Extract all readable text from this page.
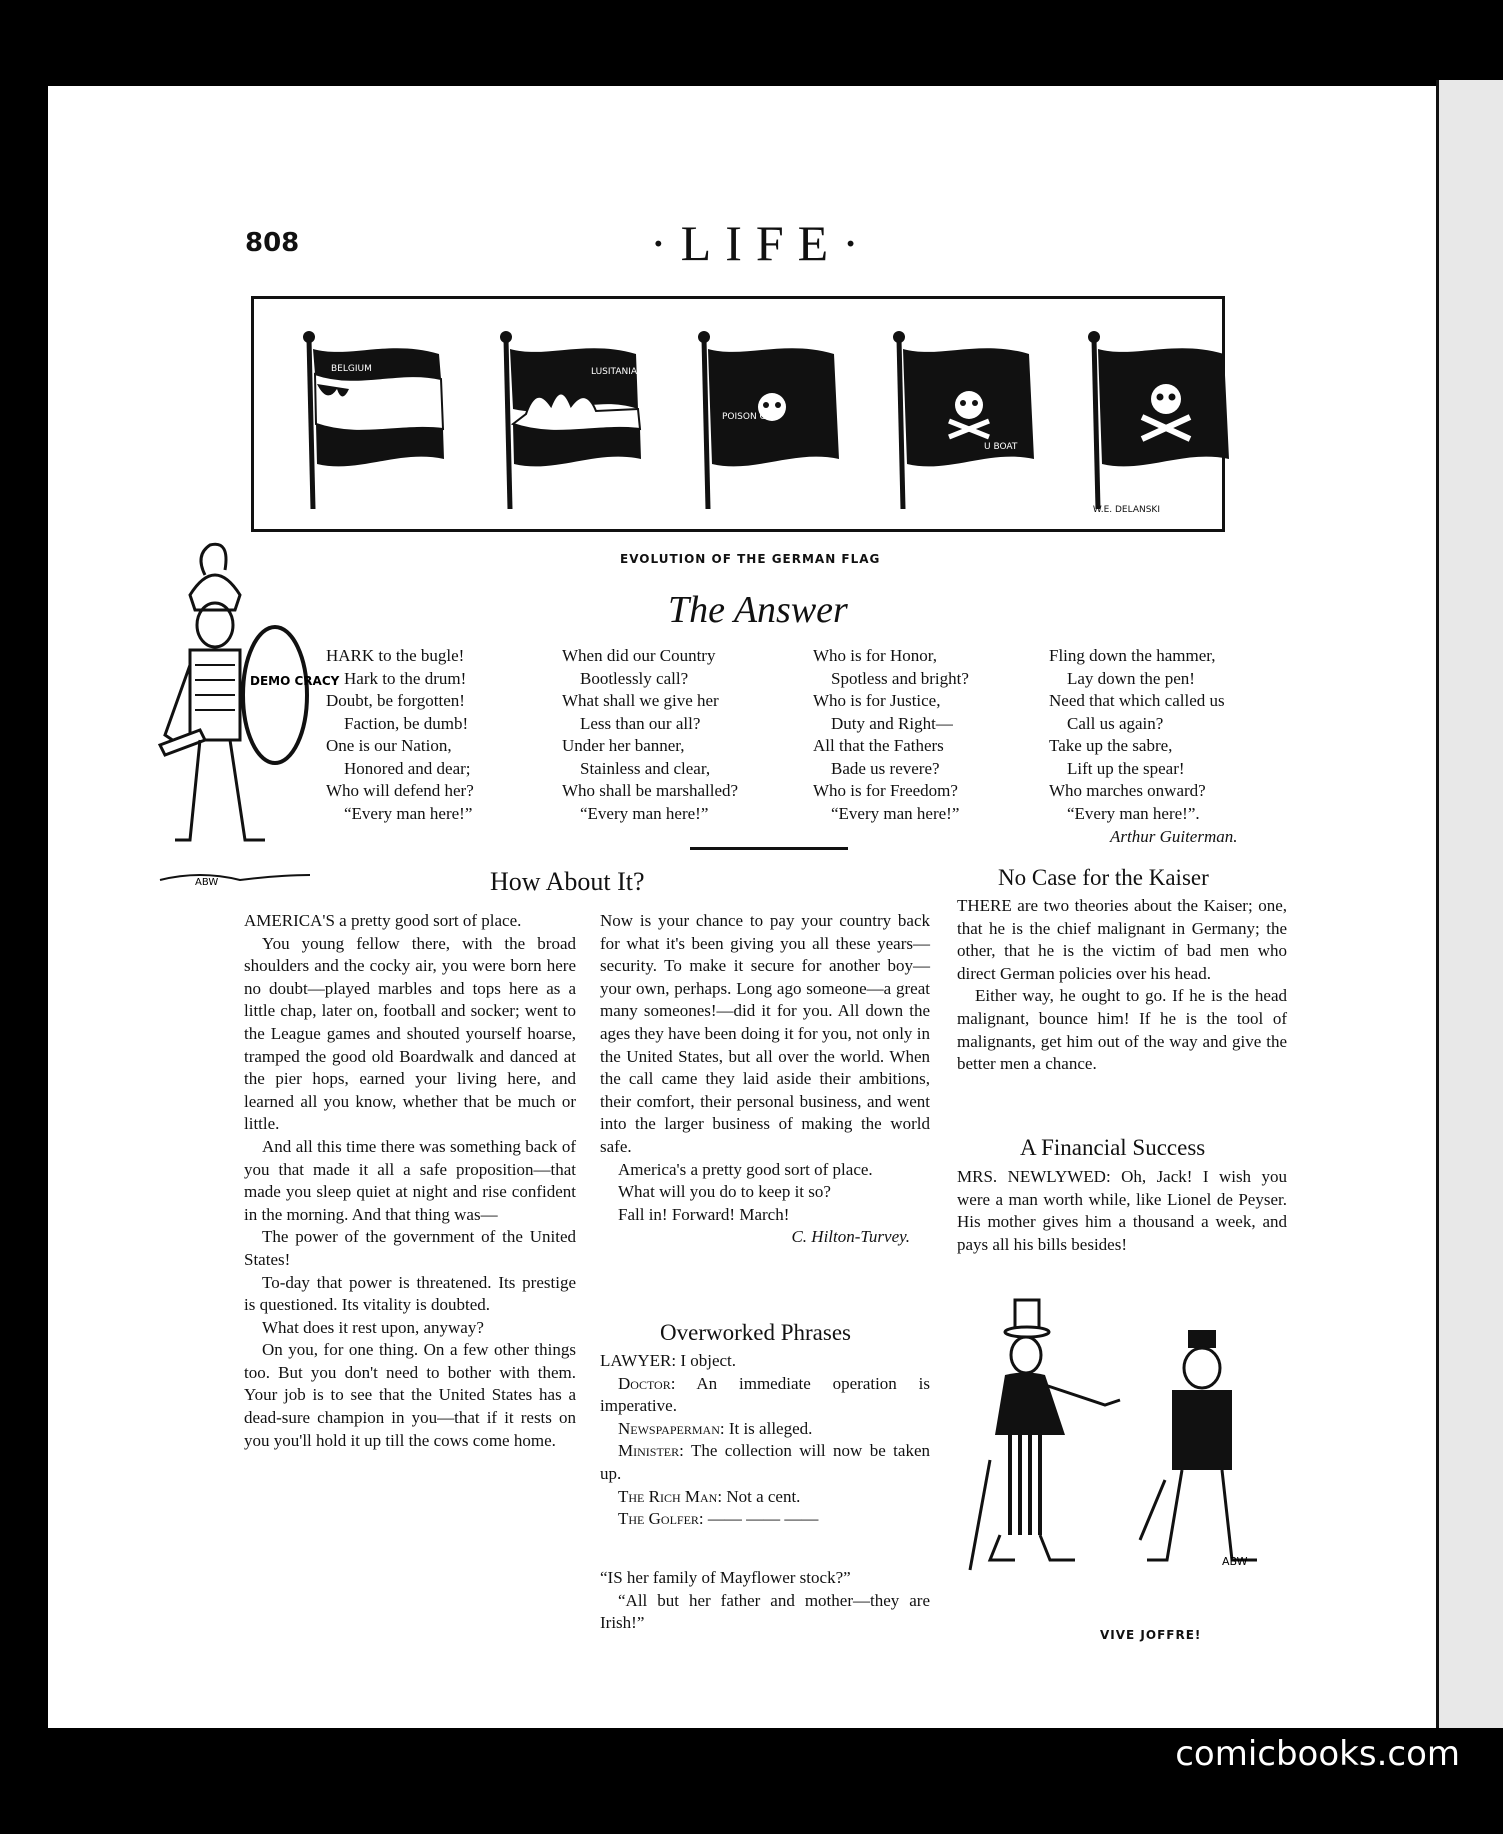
808	·LIFE·
BELGIUM	LUSITANIA
POISON GAS
U BOAT
W.E. DELANSKI
EVOLUTION OF THE GERMAN FLAG
DEMO CRACY
ABW
The Answer
HARK to the bugle!
Hark to the drum!
Doubt, be forgotten!
Faction, be dumb!
One is our Nation,
Honored and dear;
Who will defend her?
“Every man here!”
When did our Country
Bootlessly call?
What shall we give her
Less than our all?
Under her banner,
Stainless and clear,
Who shall be marshalled?
“Every man here!”
Who is for Honor,
Spotless and bright?
Who is for Justice,
Duty and Right—
All that the Fathers
Bade us revere?
Who is for Freedom?
“Every man here!”
Fling down the hammer,
Lay down the pen!
Need that which called us
Call us again?
Take up the sabre,
Lift up the spear!
Who marches onward?
“Every man here!”.
Arthur Guiterman.
How About It?

AMERICA'S a pretty good sort of place.

You young fellow there, with the broad shoulders and the cocky air, you were born here no doubt—played marbles and tops here as a little chap, later on, football and socker; went to the League games and shouted yourself hoarse, tramped the good old Boardwalk and danced at the pier hops, earned your living here, and learned all you know, whether that be much or little.

And all this time there was something back of you that made it all a safe proposition—that made you sleep quiet at night and rise confident in the morning. And that thing was—

The power of the government of the United States!

To-day that power is threatened. Its prestige is questioned. Its vitality is doubted.

What does it rest upon, anyway?

On you, for one thing. On a few other things too. But you don't need to bother with them. Your job is to see that the United States has a dead-sure champion in you—that if it rests on you you'll hold it up till the cows come home.

Now is your chance to pay your country back for what it's been giving you all these years—security. To make it secure for another boy—your own, perhaps. Long ago someone—a great many someones!—did it for you. All down the ages they have been doing it for you, not only in the United States, but all over the world. When the call came they laid aside their ambitions, their comfort, their personal business, and went into the larger business of making the world safe.

America's a pretty good sort of place.

What will you do to keep it so?

Fall in! Forward! March!

C. Hilton-Turvey.
Overworked Phrases

LAWYER: I object.

Doctor: An immediate operation is imperative.

Newspaperman: It is alleged.

Minister: The collection will now be taken up.

The Rich Man: Not a cent.

The Golfer: —— —— ——

“IS her family of Mayflower stock?”

“All but her father and mother—they are Irish!”

No Case for the Kaiser

THERE are two theories about the Kaiser; one, that he is the chief malignant in Germany; the other, that he is the victim of bad men who direct German policies over his head.

Either way, he ought to go. If he is the head malignant, bounce him! If he is the tool of malignants, get him out of the way and give the better men a chance.

A Financial Success

MRS. NEWLYWED: Oh, Jack! I wish you were a man worth while, like Lionel de Peyser. His mother gives him a thousand a week, and pays all his bills besides!

ABW
VIVE JOFFRE!
comicbooks.com
